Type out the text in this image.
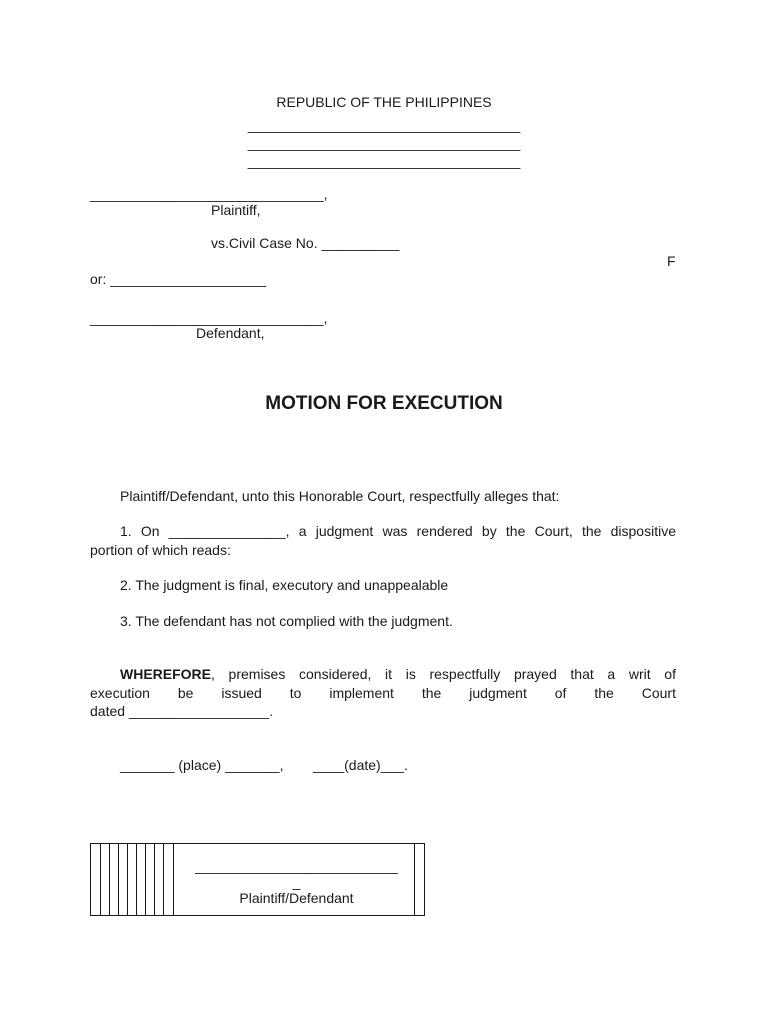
REPUBLIC OF THE PHILIPPINES
___________________________________
___________________________________
___________________________________
______________________________,
Plaintiff,
vs.Civil Case No. __________
F
or: ____________________
______________________________,
Defendant,
MOTION FOR EXECUTION
Plaintiff/Defendant, unto this Honorable Court, respectfully alleges that:
1. On _______________, a judgment was rendered by the Court, the dispositive
portion of which reads:
2. The judgment is final, executory and unappealable
3. The defendant has not complied with the judgment.
WHEREFORE, premises considered, it is respectfully prayed that a writ of
execution be issued to implement the judgment of the Court
dated __________________.
_______ (place) _______, ____(date)___.
__________________________
_
Plaintiff/Defendant
